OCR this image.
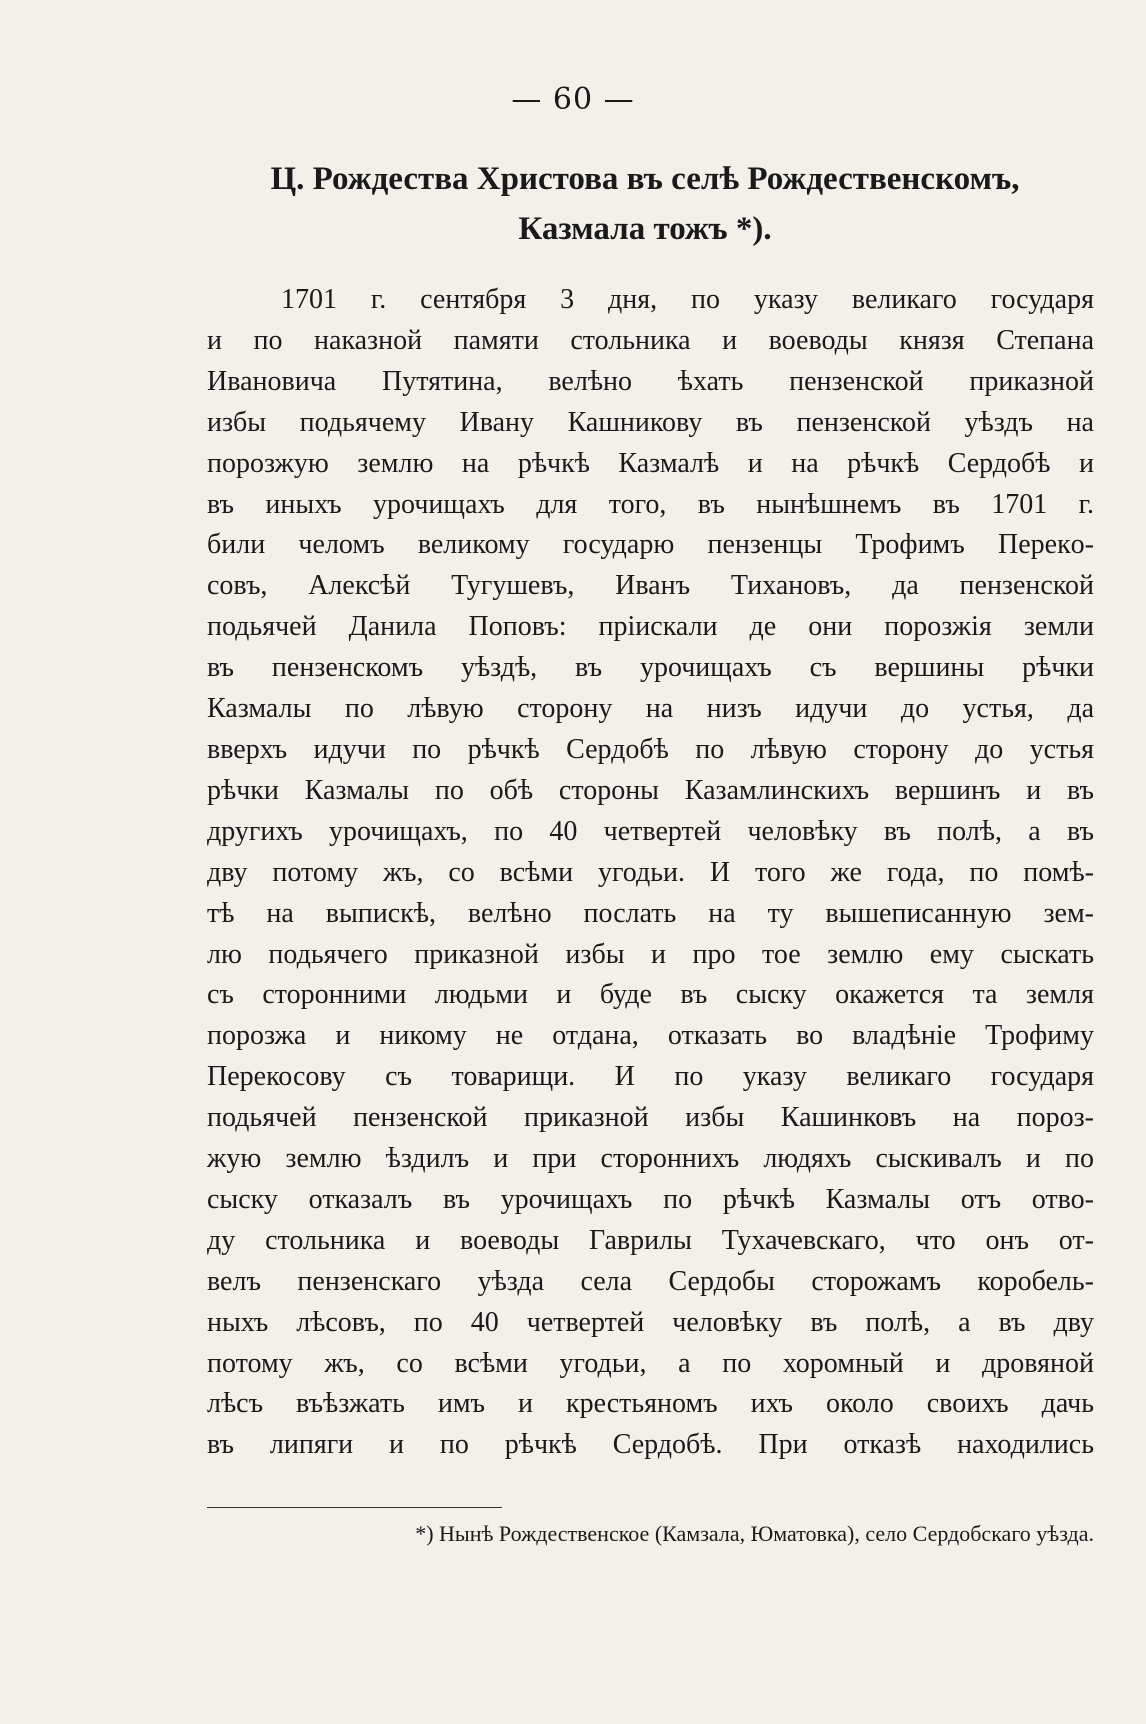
— 60 —
Ц. Рождества Христова въ селѣ Рождественскомъ,
Казмала тожъ *).
1701 г. сентября 3 дня, по указу великаго государя
и по наказной памяти стольника и воеводы князя Степана
Ивановича Путятина, велѣно ѣхать пензенской приказной
избы подьячему Ивану Кашникову въ пензенской уѣздъ на
порозжую землю на рѣчкѣ Казмалѣ и на рѣчкѣ Сердобѣ и
въ иныхъ урочищахъ для того, въ нынѣшнемъ въ 1701 г.
били челомъ великому государю пензенцы Трофимъ Перекo-
совъ, Алексѣй Тугушевъ, Иванъ Тихановъ, да пензенской
подьячей Данила Поповъ: пріискали де они порозжія земли
въ пензенскомъ уѣздѣ, въ урочищахъ съ вершины рѣчки
Казмалы по лѣвую сторону на низъ идучи до устья, да
вверхъ идучи по рѣчкѣ Сердобѣ по лѣвую сторону до устья
рѣчки Казмалы по обѣ стороны Казамлинскихъ вершинъ и въ
другихъ урочищахъ, по 40 четвертей человѣку въ полѣ, а въ
дву потому жъ, со всѣми угодьи. И того же года, по помѣ-
тѣ на выпискѣ, велѣно послать на ту вышеписанную зем-
лю подьячего приказной избы и про тое землю ему сыскать
съ сторонними людьми и буде въ сыску окажется та земля
порозжа и никому не отдана, отказать во владѣніе Трофиму
Перекосову съ товарищи. И по указу великаго государя
подьячей пензенской приказной избы Кашинковъ на пороз-
жую землю ѣздилъ и при стороннихъ людяхъ сыскивалъ и по
сыску отказалъ въ урочищахъ по рѣчкѣ Казмалы отъ отво-
ду стольника и воеводы Гаврилы Тухачевскаго, что онъ от-
велъ пензенскаго уѣзда села Сердобы сторожамъ коробель-
ныхъ лѣсовъ, по 40 четвертей человѣку въ полѣ, а въ дву
потому жъ, со всѣми угодьи, а по хоромный и дровяной
лѣсъ въѣзжать имъ и крестьяномъ ихъ около своихъ дачь
въ липяги и по рѣчкѣ Сердобѣ. При отказѣ находились
*) Нынѣ Рождественское (Камзала, Юматовка), село Сердобскаго уѣзда.
